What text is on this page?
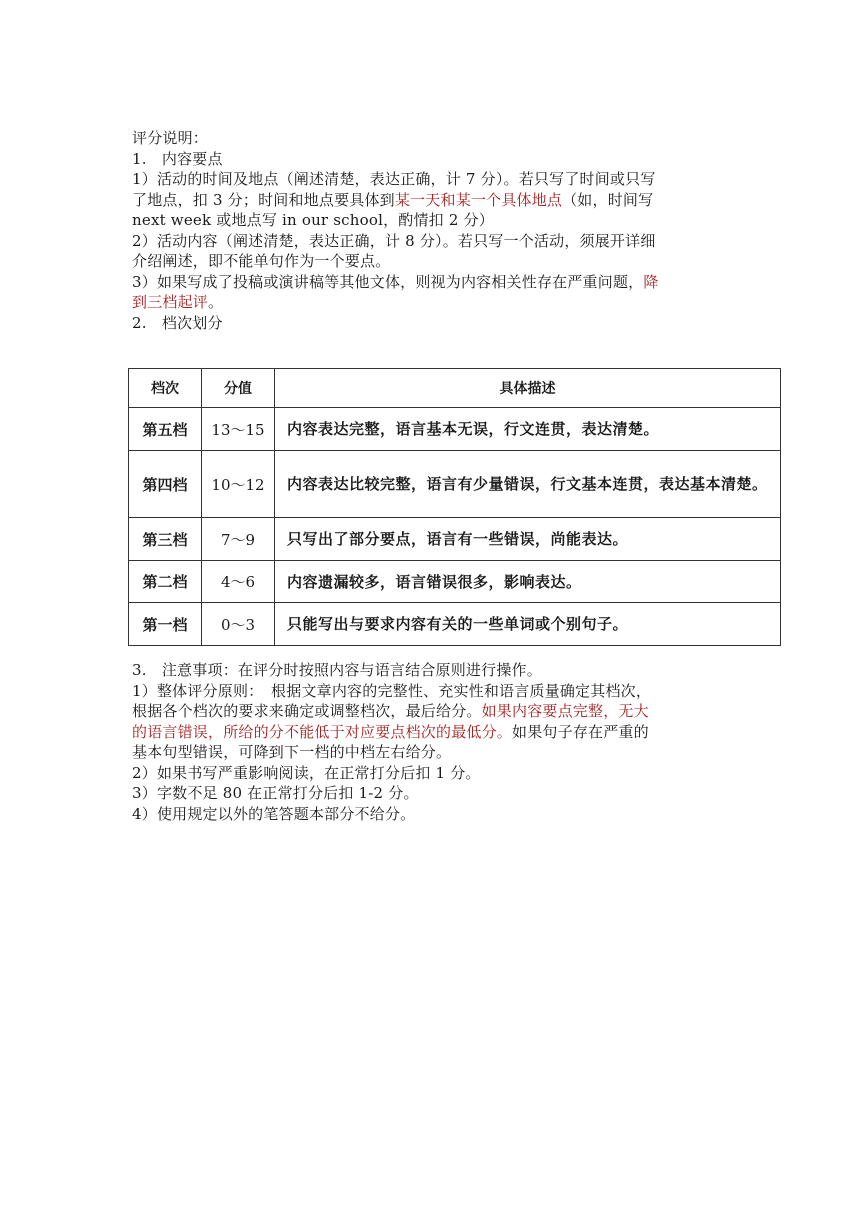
评分说明：
1.　内容要点
1）活动的时间及地点（阐述清楚，表达正确，计 7 分）。若只写了时间或只写
了地点，扣 3 分；时间和地点要具体到某一天和某一个具体地点（如，时间写
next week 或地点写 in our school，酌情扣 2 分）
2）活动内容（阐述清楚，表达正确，计 8 分）。若只写一个活动，须展开详细
介绍阐述，即不能单句作为一个要点。
3）如果写成了投稿或演讲稿等其他文体，则视为内容相关性存在严重问题，降
到三档起评。
2.　档次划分
档次	分值	具体描述
第五档	13～15	内容表达完整，语言基本无误，行文连贯，表达清楚。
第四档	10～12	内容表达比较完整，语言有少量错误，行文基本连贯，表达基本清楚。
第三档	7～9	只写出了部分要点，语言有一些错误，尚能表达。
第二档	4～6	内容遗漏较多，语言错误很多，影响表达。
第一档	0～3	只能写出与要求内容有关的一些单词或个别句子。
3.　注意事项：在评分时按照内容与语言结合原则进行操作。
1）整体评分原则：　根据文章内容的完整性、充实性和语言质量确定其档次，
根据各个档次的要求来确定或调整档次，最后给分。如果内容要点完整，无大
的语言错误，所给的分不能低于对应要点档次的最低分。如果句子存在严重的
基本句型错误，可降到下一档的中档左右给分。
2）如果书写严重影响阅读，在正常打分后扣 1 分。
3）字数不足 80 在正常打分后扣 1-2 分。
4）使用规定以外的笔答题本部分不给分。
